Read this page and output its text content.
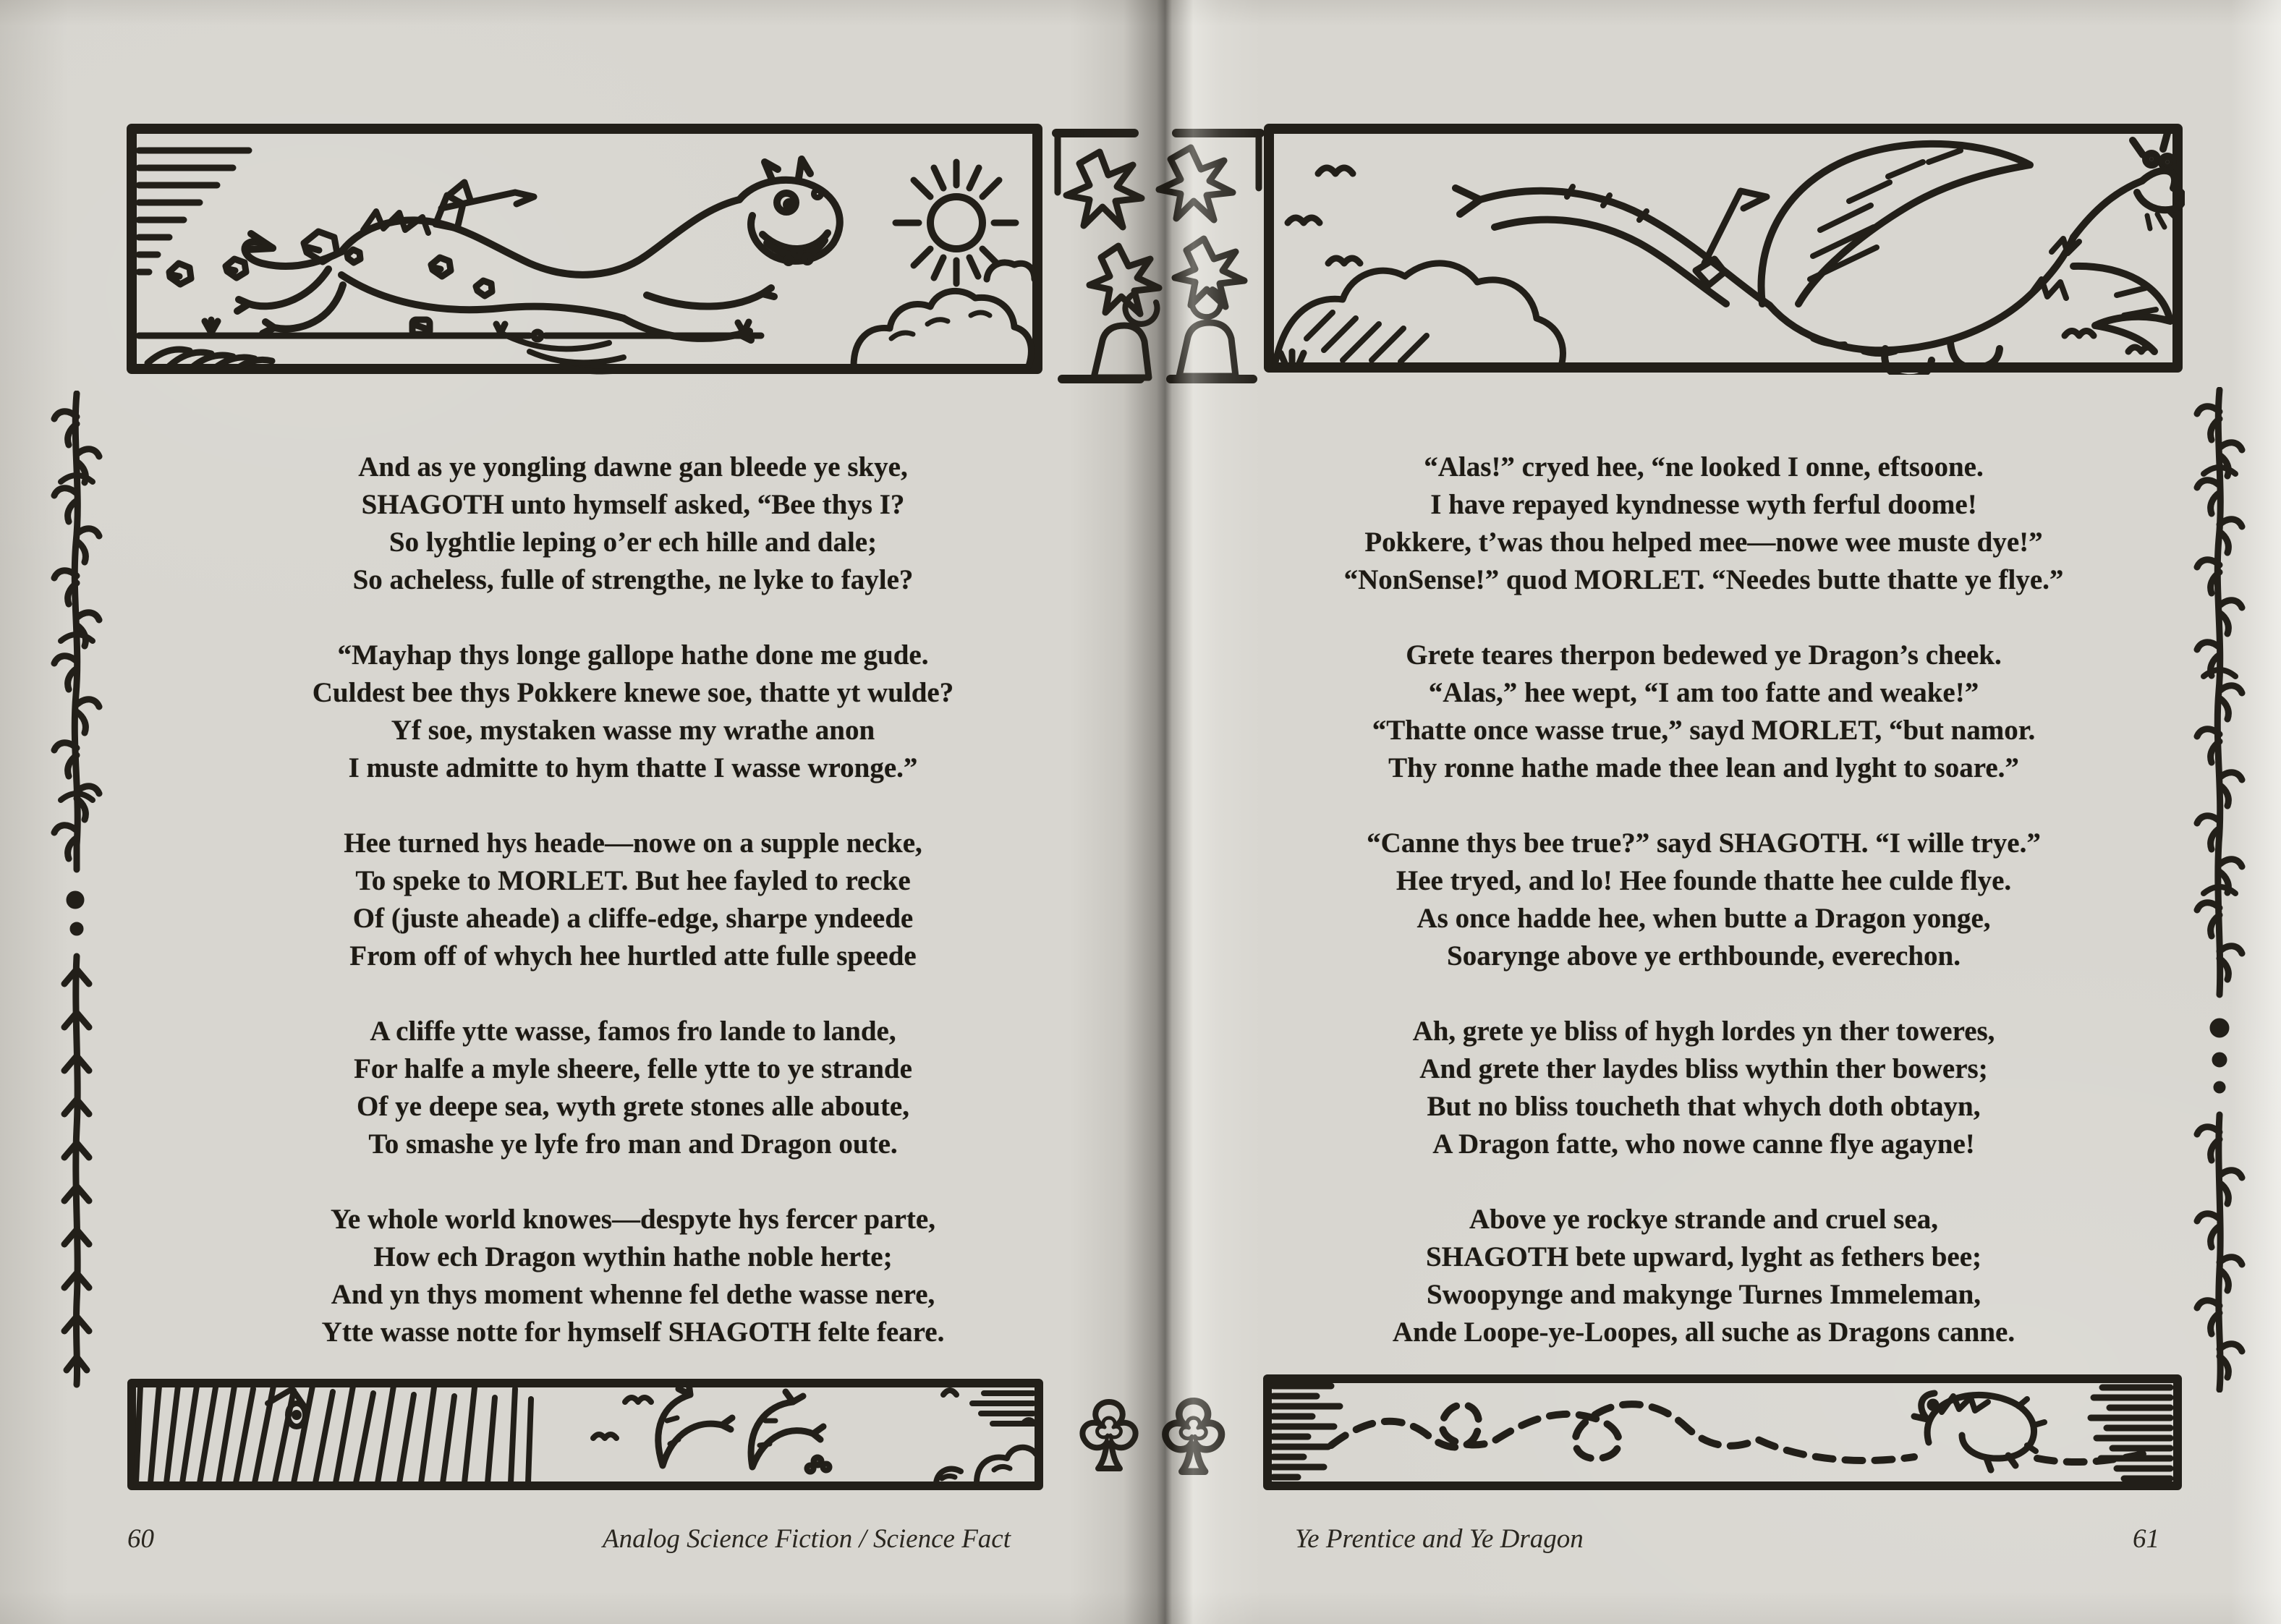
And as ye yongling dawne gan bleede ye skye,
SHAGOTH unto hymself asked, “Bee thys I?
So lyghtlie leping o’er ech hille and dale;
So acheless, fulle of strengthe, ne lyke to fayle?
“Mayhap thys longe gallope hathe done me gude.
Culdest bee thys Pokkere knewe soe, thatte yt wulde?
Yf soe, mystaken wasse my wrathe anon
I muste admitte to hym thatte I wasse wronge.”
Hee turned hys heade—nowe on a supple necke,
To speke to MORLET. But hee fayled to recke
Of (juste aheade) a cliffe-edge, sharpe yndeede
From off of whych hee hurtled atte fulle speede
A cliffe ytte wasse, famos fro lande to lande,
For halfe a myle sheere, felle ytte to ye strande
Of ye deepe sea, wyth grete stones alle aboute,
To smashe ye lyfe fro man and Dragon oute.
Ye whole world knowes—despyte hys fercer parte,
How ech Dragon wythin hathe noble herte;
And yn thys moment whenne fel dethe wasse nere,
Ytte wasse notte for hymself SHAGOTH felte feare.
“Alas!” cryed hee, “ne looked I onne, eftsoone.
I have repayed kyndnesse wyth ferful doome!
Pokkere, t’was thou helped mee—nowe wee muste dye!”
“NonSense!” quod MORLET. “Needes butte thatte ye flye.”
Grete teares therpon bedewed ye Dragon’s cheek.
“Alas,” hee wept, “I am too fatte and weake!”
“Thatte once wasse true,” sayd MORLET, “but namor.
Thy ronne hathe made thee lean and lyght to soare.”
“Canne thys bee true?” sayd SHAGOTH. “I wille trye.”
Hee tryed, and lo! Hee founde thatte hee culde flye.
As once hadde hee, when butte a Dragon yonge,
Soarynge above ye erthbounde, everechon.
Ah, grete ye bliss of hygh lordes yn ther toweres,
And grete ther laydes bliss wythin ther bowers;
But no bliss toucheth that whych doth obtayn,
A Dragon fatte, who nowe canne flye agayne!
Above ye rockye strande and cruel sea,
SHAGOTH bete upward, lyght as fethers bee;
Swoopynge and makynge Turnes Immeleman,
Ande Loope-ye-Loopes, all suche as Dragons canne.
60	Analog Science Fiction / Science Fact	Ye Prentice and Ye Dragon	61
